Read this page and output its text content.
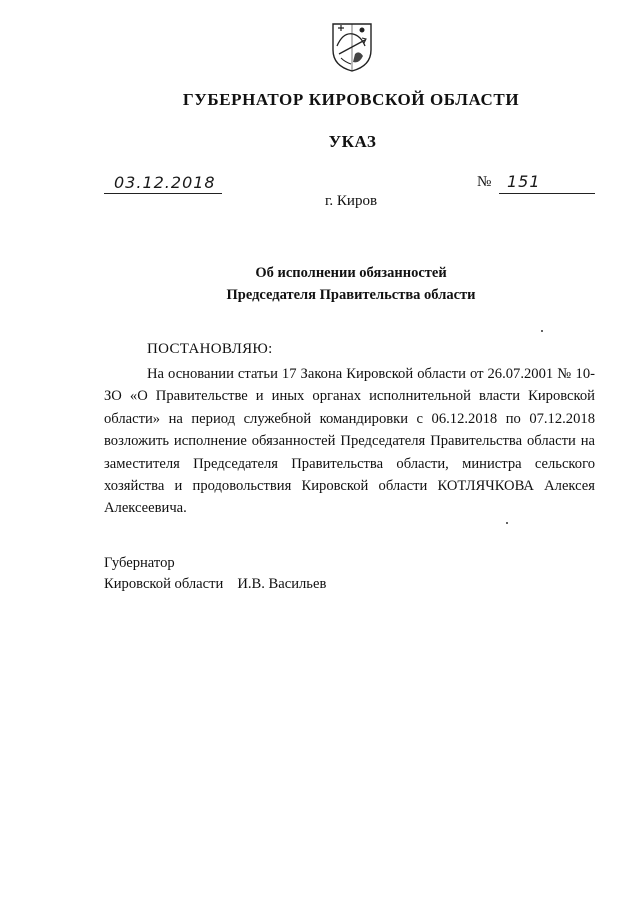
ГУБЕРНАТОР КИРОВСКОЙ ОБЛАСТИ
УКАЗ
03.12.2018	№ 151
г. Киров
Об исполнении обязанностей
Председателя Правительства области
ПОСТАНОВЛЯЮ:
На основании статьи 17 Закона Кировской области от 26.07.2001 № 10-ЗО «О Правительстве и иных органах исполнительной власти Кировской области» на период служебной командировки с 06.12.2018 по 07.12.2018 возложить исполнение обязанностей Председателя Правительства области на заместителя Председателя Правительства области, министра сельского хозяйства и продовольствия Кировской области КОТЛЯЧКОВА Алексея Алексеевича.
Губернатор
Кировской области И.В. Васильев
